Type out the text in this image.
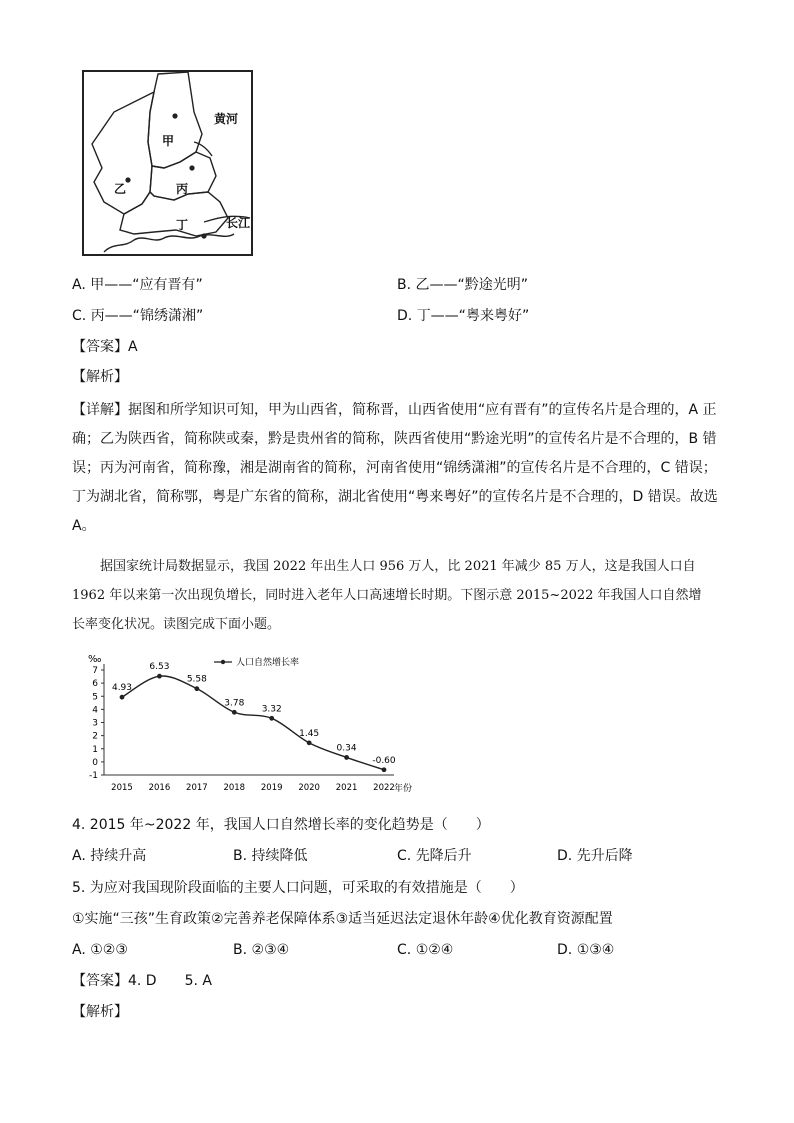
甲
乙	丙
丁
黄河
长江
A. 甲——“应有晋有”	B. 乙——“黔途光明”
C. 丙——“锦绣潇湘”	D. 丁——“粤来粤好”
【答案】A
【解析】
【详解】据图和所学知识可知，甲为山西省，简称晋，山西省使用“应有晋有”的宣传名片是合理的，A 正
确；乙为陕西省，简称陕或秦，黔是贵州省的简称，陕西省使用“黔途光明”的宣传名片是不合理的，B 错
误；丙为河南省，简称豫，湘是湖南省的简称，河南省使用“锦绣潇湘”的宣传名片是不合理的，C 错误；
丁为湖北省，简称鄂，粤是广东省的简称，湖北省使用“粤来粤好”的宣传名片是不合理的，D 错误。故选
A。
据国家统计局数据显示，我国 2022 年出生人口 956 万人，比 2021 年减少 85 万人，这是我国人口自
1962 年以来第一次出现负增长，同时进入老年人口高速增长时期。下图示意 2015~2022 年我国人口自然增
长率变化状况。读图完成下面小题。
7
6
5
4
3
2
1
0
-1
2015 2016 2017 2018 2019 2020 2021 2022
4.93
6.53
5.58
3.78
3.32
1.45
0.34
-0.60
‰
年份
人口自然增长率
4. 2015 年~2022 年，我国人口自然增长率的变化趋势是（　　）
A. 持续升高	B. 持续降低	C. 先降后升	D. 先升后降
5. 为应对我国现阶段面临的主要人口问题，可采取的有效措施是（　　）
①实施“三孩”生育政策②完善养老保障体系③适当延迟法定退休年龄④优化教育资源配置
A. ①②③	B. ②③④	C. ①②④	D. ①③④
【答案】4. D 5. A
【解析】
